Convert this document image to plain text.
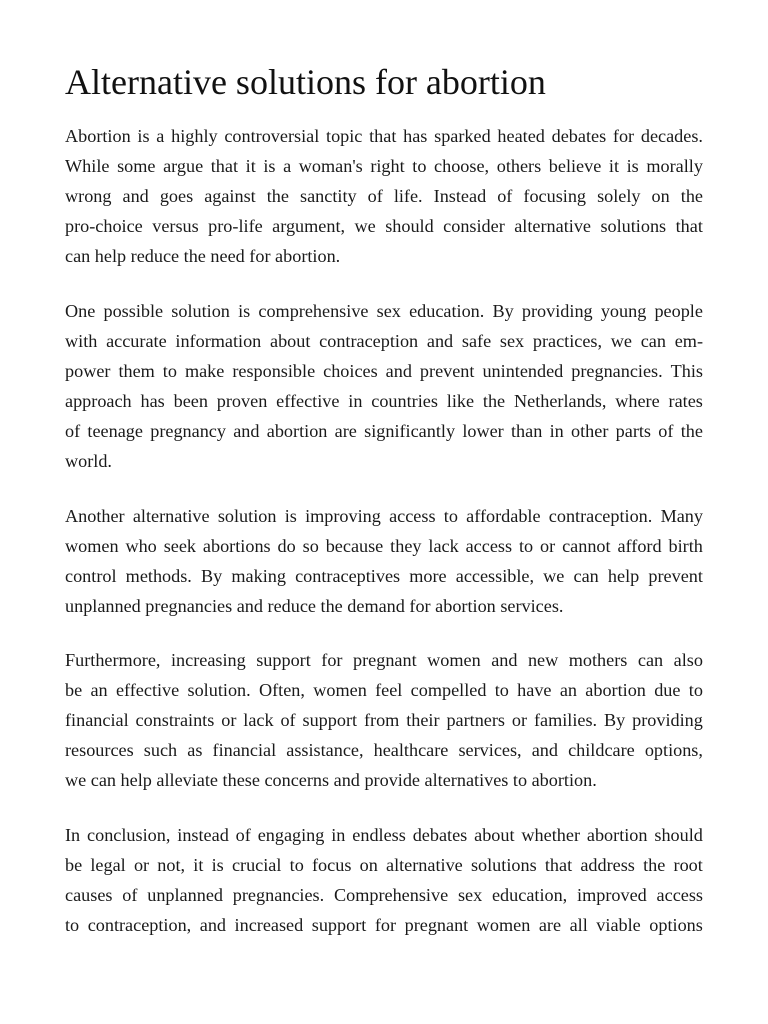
Alternative solutions for abortion
Abortion is a highly controversial topic that has sparked heated debates for decades.
While some argue that it is a woman's right to choose, others believe it is morally
wrong and goes against the sanctity of life. Instead of focusing solely on the
pro-choice versus pro-life argument, we should consider alternative solutions that
can help reduce the need for abortion.
One possible solution is comprehensive sex education. By providing young people
with accurate information about contraception and safe sex practices, we can em-
power them to make responsible choices and prevent unintended pregnancies. This
approach has been proven effective in countries like the Netherlands, where rates
of teenage pregnancy and abortion are significantly lower than in other parts of the
world.
Another alternative solution is improving access to affordable contraception. Many
women who seek abortions do so because they lack access to or cannot afford birth
control methods. By making contraceptives more accessible, we can help prevent
unplanned pregnancies and reduce the demand for abortion services.
Furthermore, increasing support for pregnant women and new mothers can also
be an effective solution. Often, women feel compelled to have an abortion due to
financial constraints or lack of support from their partners or families. By providing
resources such as financial assistance, healthcare services, and childcare options,
we can help alleviate these concerns and provide alternatives to abortion.
In conclusion, instead of engaging in endless debates about whether abortion should
be legal or not, it is crucial to focus on alternative solutions that address the root
causes of unplanned pregnancies. Comprehensive sex education, improved access
to contraception, and increased support for pregnant women are all viable options
